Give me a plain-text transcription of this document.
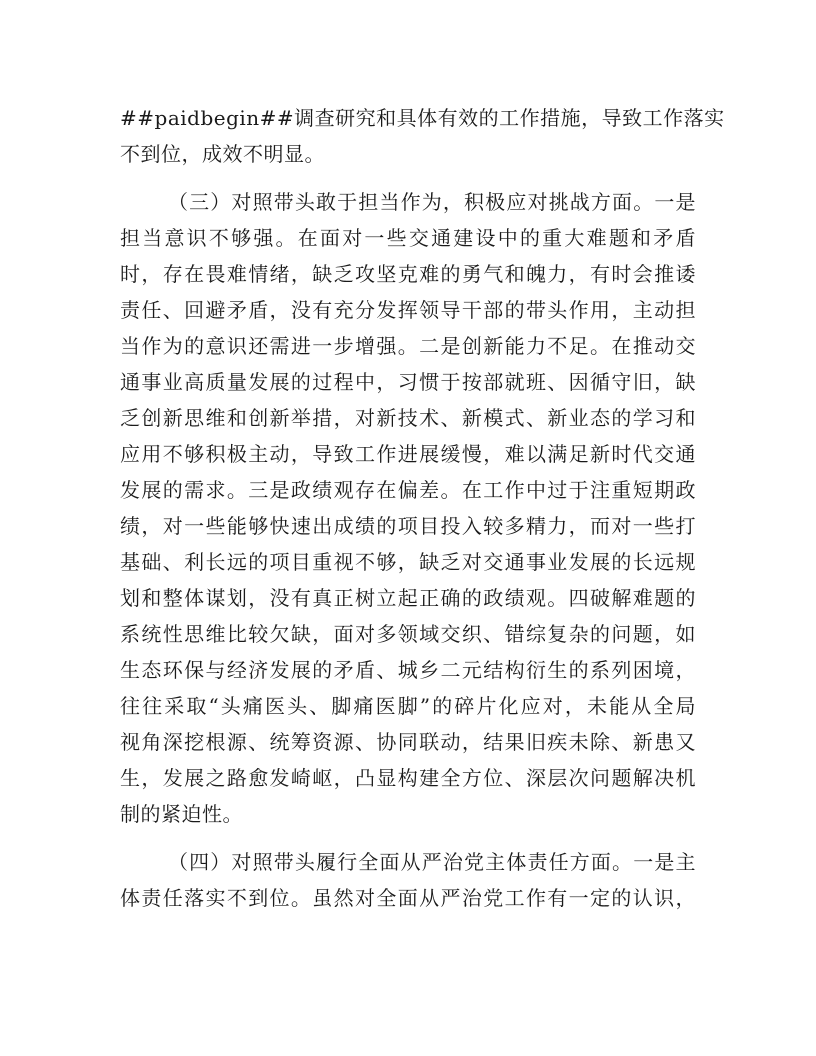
##paidbegin##调查研究和具体有效的工作措施，导致工作落实
不到位，成效不明显。
（三）对照带头敢于担当作为，积极应对挑战方面。一是
担当意识不够强。在面对一些交通建设中的重大难题和矛盾
时，存在畏难情绪，缺乏攻坚克难的勇气和魄力，有时会推诿
责任、回避矛盾，没有充分发挥领导干部的带头作用，主动担
当作为的意识还需进一步增强。二是创新能力不足。在推动交
通事业高质量发展的过程中，习惯于按部就班、因循守旧，缺
乏创新思维和创新举措，对新技术、新模式、新业态的学习和
应用不够积极主动，导致工作进展缓慢，难以满足新时代交通
发展的需求。三是政绩观存在偏差。在工作中过于注重短期政
绩，对一些能够快速出成绩的项目投入较多精力，而对一些打
基础、利长远的项目重视不够，缺乏对交通事业发展的长远规
划和整体谋划，没有真正树立起正确的政绩观。四破解难题的
系统性思维比较欠缺，面对多领域交织、错综复杂的问题，如
生态环保与经济发展的矛盾、城乡二元结构衍生的系列困境，
往往采取“头痛医头、脚痛医脚”的碎片化应对，未能从全局
视角深挖根源、统筹资源、协同联动，结果旧疾未除、新患又
生，发展之路愈发崎岖，凸显构建全方位、深层次问题解决机
制的紧迫性。
（四）对照带头履行全面从严治党主体责任方面。一是主
体责任落实不到位。虽然对全面从严治党工作有一定的认识，
